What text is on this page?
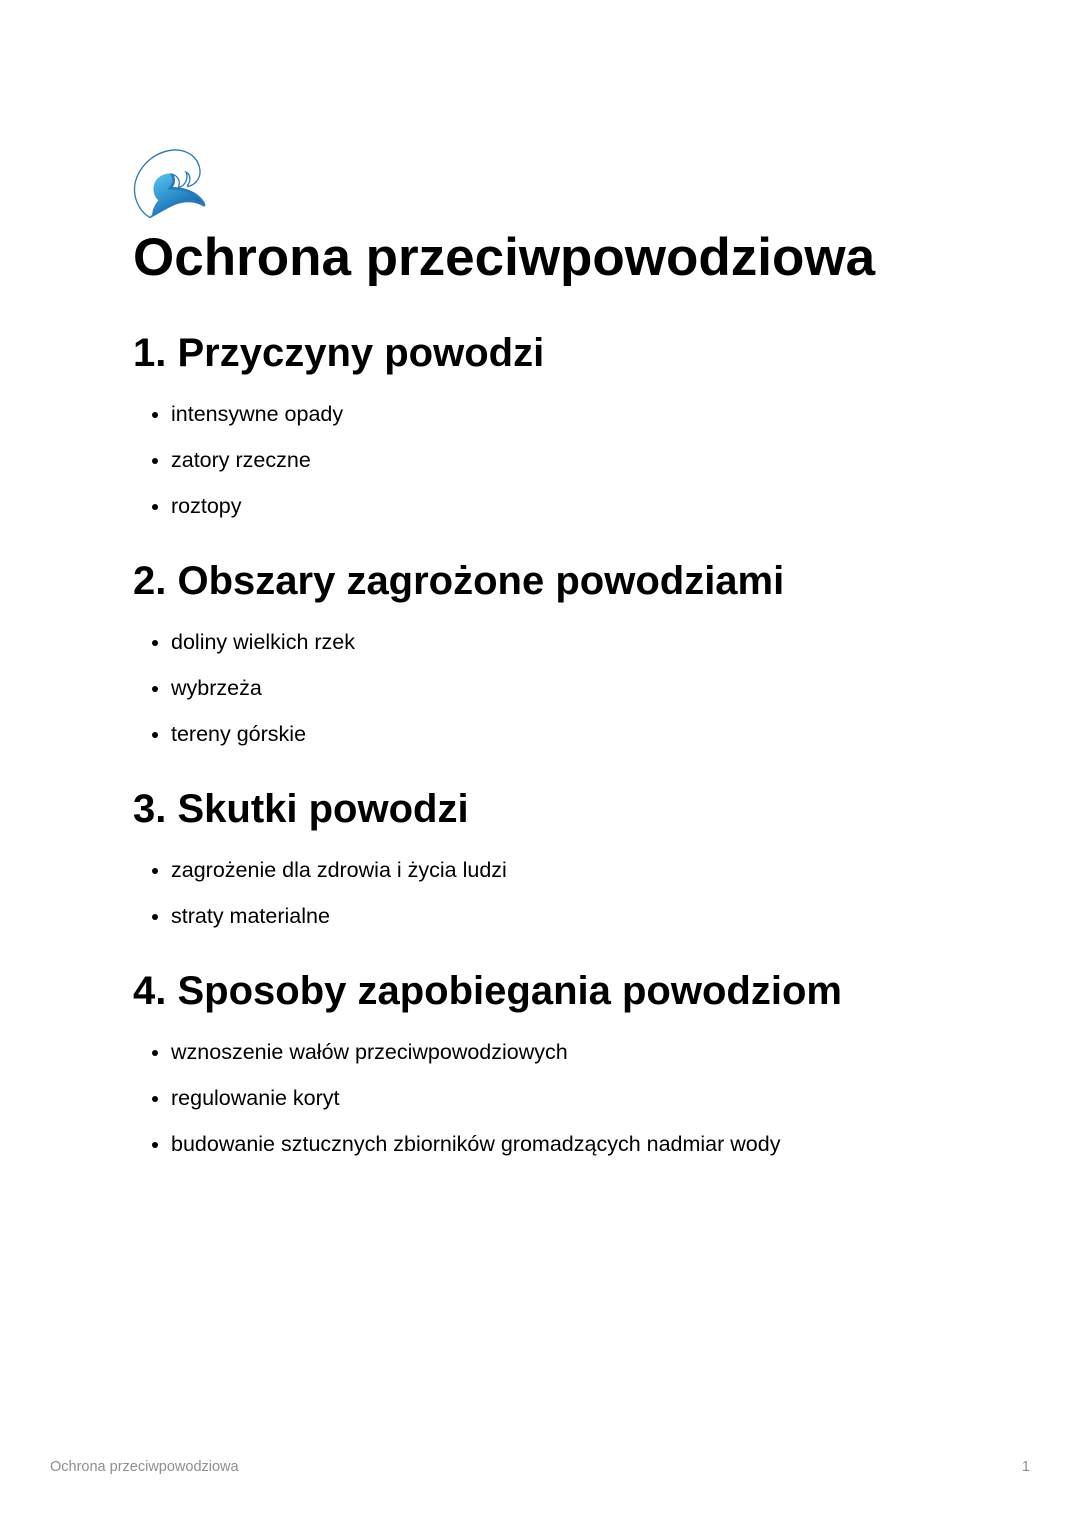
Ochrona przeciwpowodziowa
1. Przyczyny powodzi
• intensywne opady
• zatory rzeczne
• roztopy
2. Obszary zagrożone powodziami
• doliny wielkich rzek
• wybrzeża
• tereny górskie
3. Skutki powodzi
• zagrożenie dla zdrowia i życia ludzi
• straty materialne
4. Sposoby zapobiegania powodziom
• wznoszenie wałów przeciwpowodziowych
• regulowanie koryt
• budowanie sztucznych zbiorników gromadzących nadmiar wody
Ochrona przeciwpowodziowa	1
